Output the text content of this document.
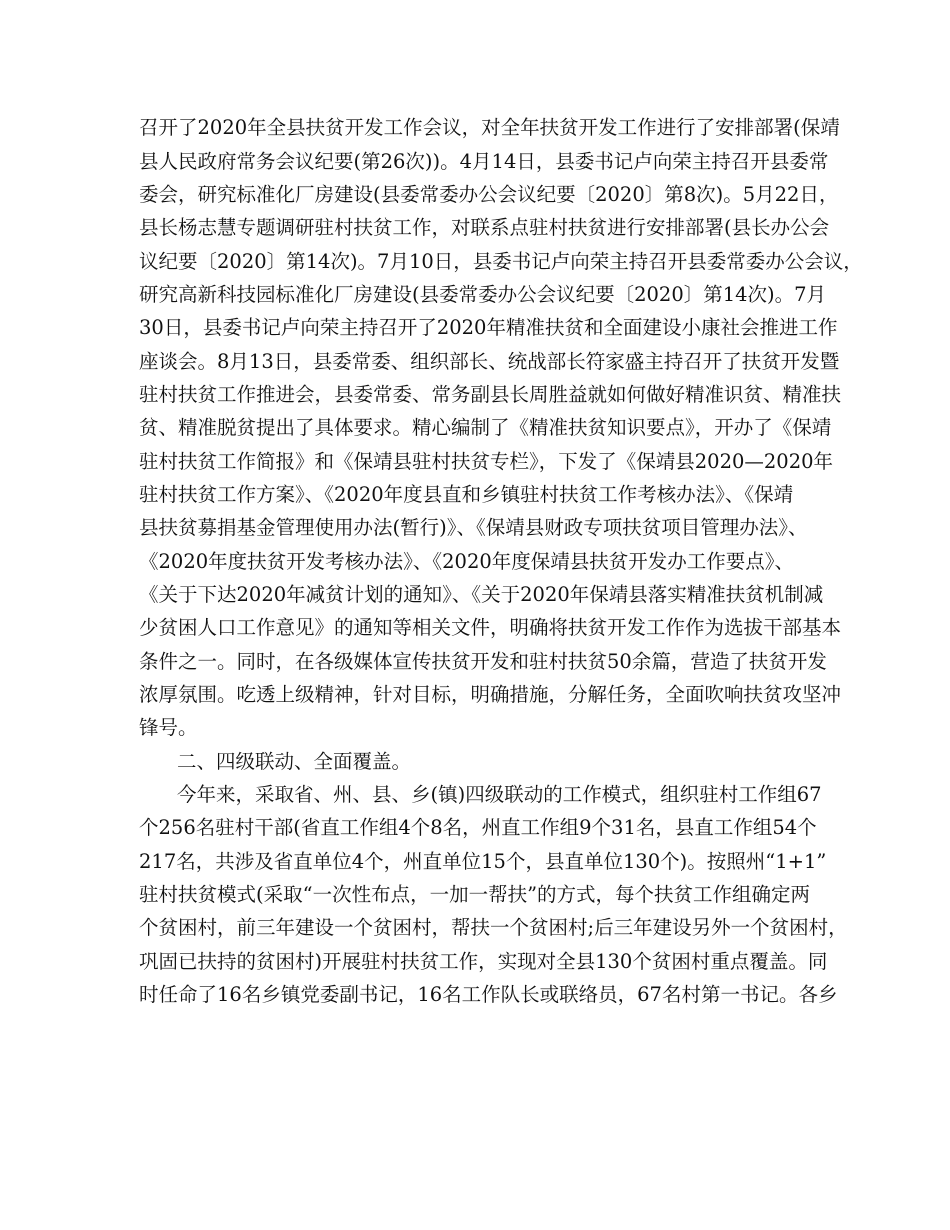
召开了2020年全县扶贫开发工作会议，对全年扶贫开发工作进行了安排部署(保靖
县人民政府常务会议纪要(第26次))。4月14日，县委书记卢向荣主持召开县委常
委会，研究标准化厂房建设(县委常委办公会议纪要〔2020〕第8次)。5月22日，
县长杨志慧专题调研驻村扶贫工作，对联系点驻村扶贫进行安排部署(县长办公会
议纪要〔2020〕第14次)。7月10日，县委书记卢向荣主持召开县委常委办公会议，
研究高新科技园标准化厂房建设(县委常委办公会议纪要〔2020〕第14次)。7月
30日，县委书记卢向荣主持召开了2020年精准扶贫和全面建设小康社会推进工作
座谈会。8月13日，县委常委、组织部长、统战部长符家盛主持召开了扶贫开发暨
驻村扶贫工作推进会，县委常委、常务副县长周胜益就如何做好精准识贫、精准扶
贫、精准脱贫提出了具体要求。精心编制了《精准扶贫知识要点》，开办了《保靖
驻村扶贫工作简报》和《保靖县驻村扶贫专栏》，下发了《保靖县2020—2020年
驻村扶贫工作方案》、《2020年度县直和乡镇驻村扶贫工作考核办法》、《保靖
县扶贫募捐基金管理使用办法(暂行)》、《保靖县财政专项扶贫项目管理办法》、
《2020年度扶贫开发考核办法》、《2020年度保靖县扶贫开发办工作要点》、
《关于下达2020年减贫计划的通知》、《关于2020年保靖县落实精准扶贫机制减
少贫困人口工作意见》的通知等相关文件，明确将扶贫开发工作作为选拔干部基本
条件之一。同时，在各级媒体宣传扶贫开发和驻村扶贫50余篇，营造了扶贫开发
浓厚氛围。吃透上级精神，针对目标，明确措施，分解任务，全面吹响扶贫攻坚冲
锋号。
二、四级联动、全面覆盖。
今年来，采取省、州、县、乡(镇)四级联动的工作模式，组织驻村工作组67
个256名驻村干部(省直工作组4个8名，州直工作组9个31名，县直工作组54个
217名，共涉及省直单位4个，州直单位15个，县直单位130个)。按照州“1+1”
驻村扶贫模式(采取“一次性布点，一加一帮扶”的方式，每个扶贫工作组确定两
个贫困村，前三年建设一个贫困村，帮扶一个贫困村;后三年建设另外一个贫困村，
巩固已扶持的贫困村)开展驻村扶贫工作，实现对全县130个贫困村重点覆盖。同
时任命了16名乡镇党委副书记，16名工作队长或联络员，67名村第一书记。各乡
